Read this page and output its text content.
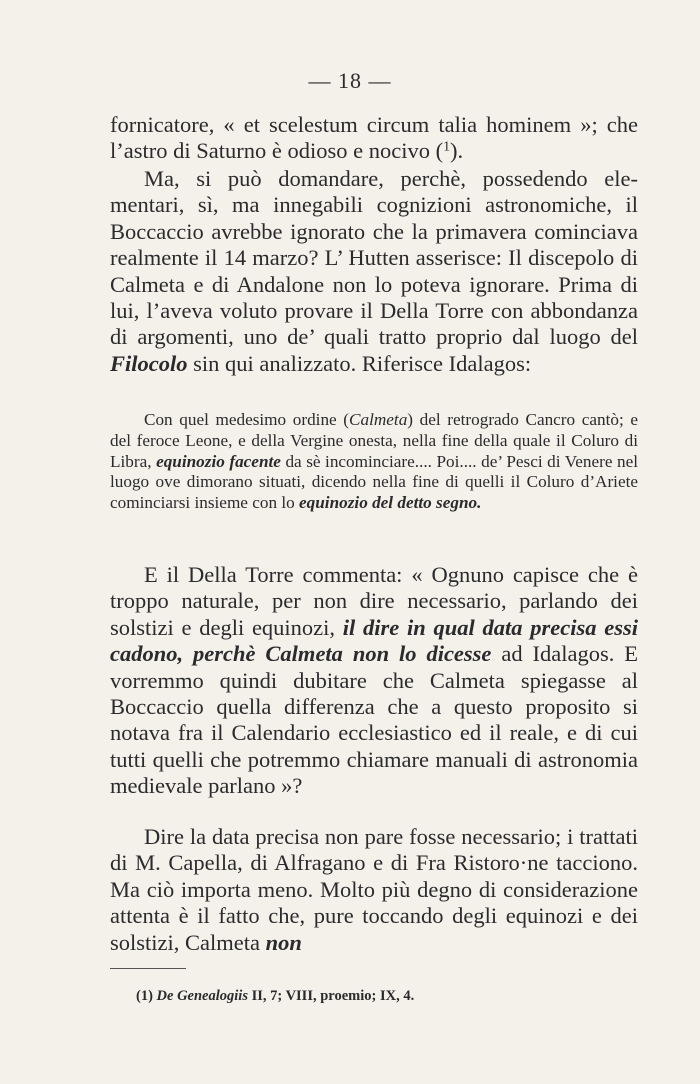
— 18 —

fornicatore, « et scelestum circum talia hominem »; che l’astro di Saturno è odioso e nocivo ($^1$).

Ma, si può domandare, perchè, possedendo elementari, sì, ma innegabili cognizioni astronomiche, il Boccaccio avrebbe ignorato che la primavera cominciava realmente il 14 marzo? L’ Hutten asserisce: Il discepolo di Calmeta e di Andalone non lo poteva ignorare. Prima di lui, l’aveva voluto provare il Della Torre con abbondanza di argomenti, uno de’ quali tratto proprio dal luogo del Filocolo sin qui analizzato. Riferisce Idalagos:

Con quel medesimo ordine (Calmeta) del retrogrado Cancro cantò; e del feroce Leone, e della Vergine onesta, nella fine della quale il Coluro di Libra, equinozio facente da sè incominciare.... Poi.... de’ Pesci di Venere nel luogo ove dimorano situati, dicendo nella fine di quelli il Coluro d’Ariete cominciarsi insieme con lo equinozio del detto segno.

E il Della Torre commenta: « Ognuno capisce che è troppo naturale, per non dire necessario, parlando dei solstizi e degli equinozi, il dire in qual data precisa essi cadono, perchè Calmeta non lo dicesse ad Idalagos. E vorremmo quindi dubitare che Calmeta spiegasse al Boccaccio quella differenza che a questo proposito si notava fra il Calendario ecclesiastico ed il reale, e di cui tutti quelli che potremmo chiamare manuali di astronomia medievale parlano »?

Dire la data precisa non pare fosse necessario; i trattati di M. Capella, di Alfragano e di Fra Ristoro·ne tacciono. Ma ciò importa meno. Molto più degno di considerazione attenta è il fatto che, pure toccando degli equinozi e dei solstizi, Calmeta non

(1) De Genealogiis II, 7; VIII, proemio; IX, 4.
